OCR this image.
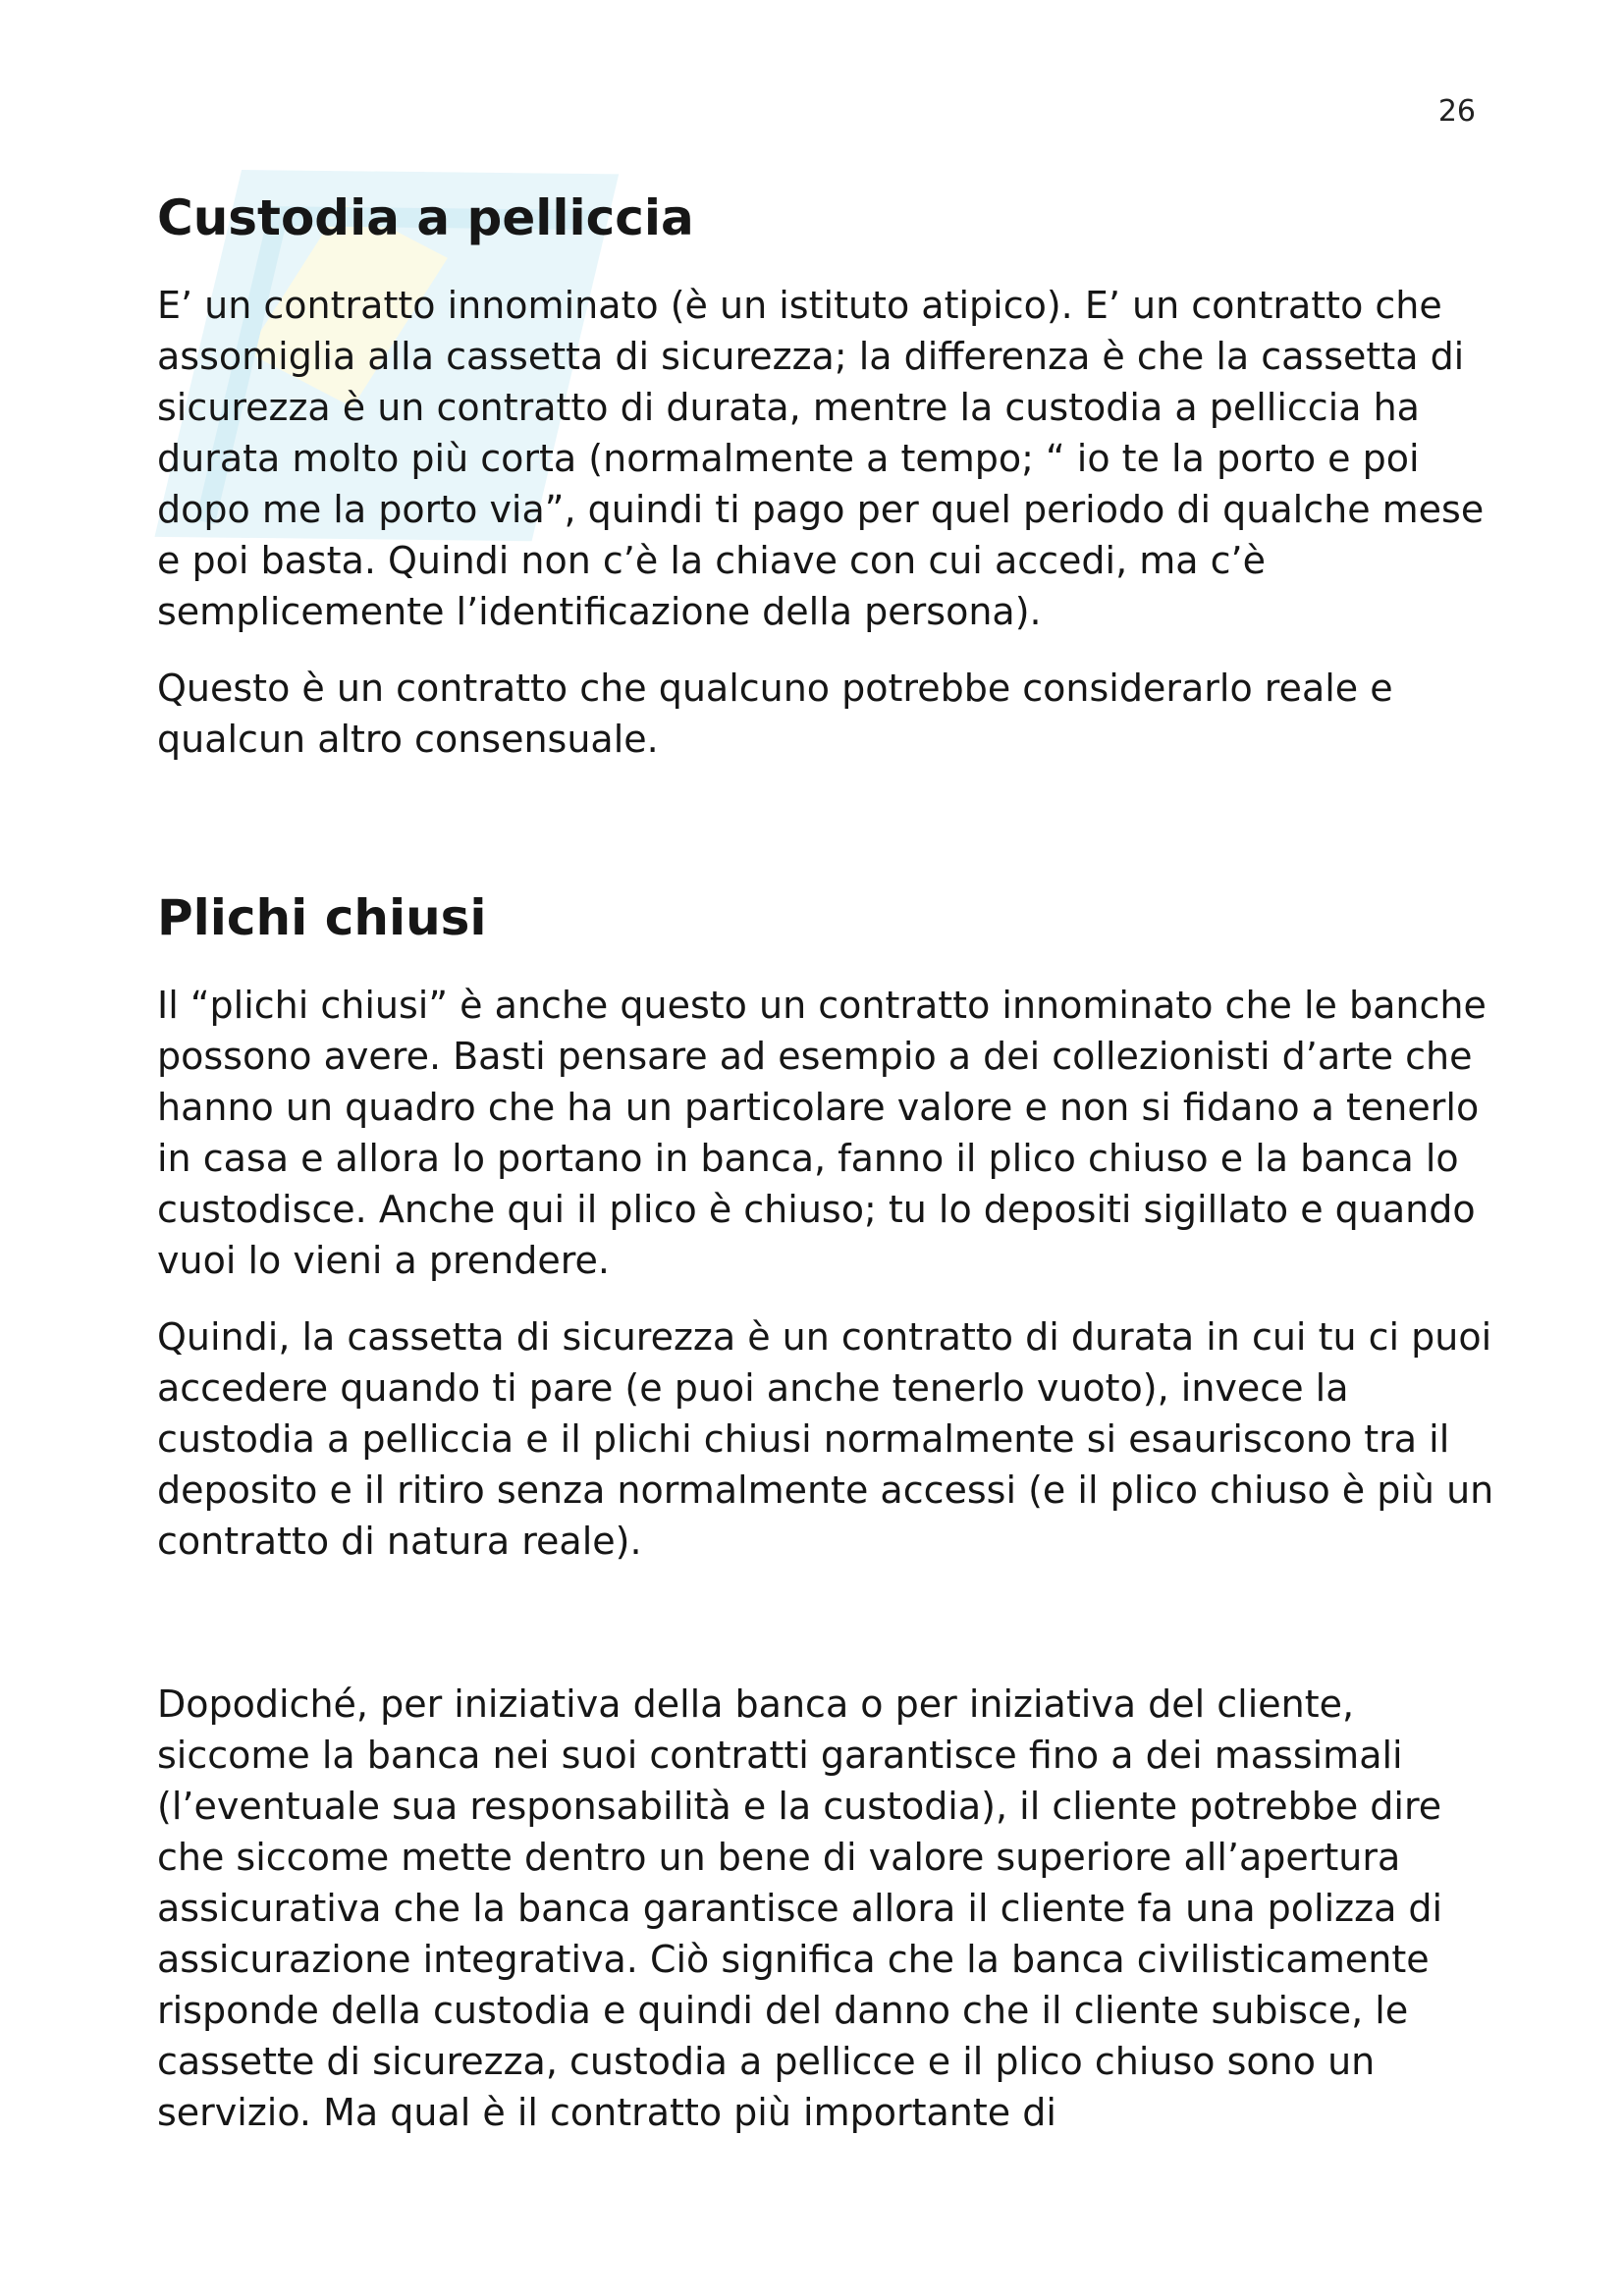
26
Custodia a pelliccia

E’ un contratto innominato (è un istituto atipico). E’ un contratto che assomiglia alla cassetta di sicurezza; la differenza è che la cassetta di sicurezza è un contratto di durata, mentre la custodia a pelliccia ha durata molto più corta (normalmente a tempo; “ io te la porto e poi dopo me la porto via”, quindi ti pago per quel periodo di qualche mese e poi basta. Quindi non c’è la chiave con cui accedi, ma c’è semplicemente l’identificazione della persona).

Questo è un contratto che qualcuno potrebbe considerarlo reale e qualcun altro consensuale.

Plichi chiusi

Il “plichi chiusi” è anche questo un contratto innominato che le banche possono avere. Basti pensare ad esempio a dei collezionisti d’arte che hanno un quadro che ha un particolare valore e non si fidano a tenerlo in casa e allora lo portano in banca, fanno il plico chiuso e la banca lo custodisce. Anche qui il plico è chiuso; tu lo depositi sigillato e quando vuoi lo vieni a prendere.

Quindi, la cassetta di sicurezza è un contratto di durata in cui tu ci puoi accedere quando ti pare (e puoi anche tenerlo vuoto), invece la custodia a pelliccia e il plichi chiusi normalmente si esauriscono tra il deposito e il ritiro senza normalmente accessi (e il plico chiuso è più un contratto di natura reale).

Dopodiché, per iniziativa della banca o per iniziativa del cliente, siccome la banca nei suoi contratti garantisce fino a dei massimali (l’eventuale sua responsabilità e la custodia), il cliente potrebbe dire che siccome mette dentro un bene di valore superiore all’apertura assicurativa che la banca garantisce allora il cliente fa una polizza di assicurazione integrativa. Ciò significa che la banca civilisticamente risponde della custodia e quindi del danno che il cliente subisce, le cassette di sicurezza, custodia a pellicce e il plico chiuso sono un servizio. Ma qual è il contratto più importante di
